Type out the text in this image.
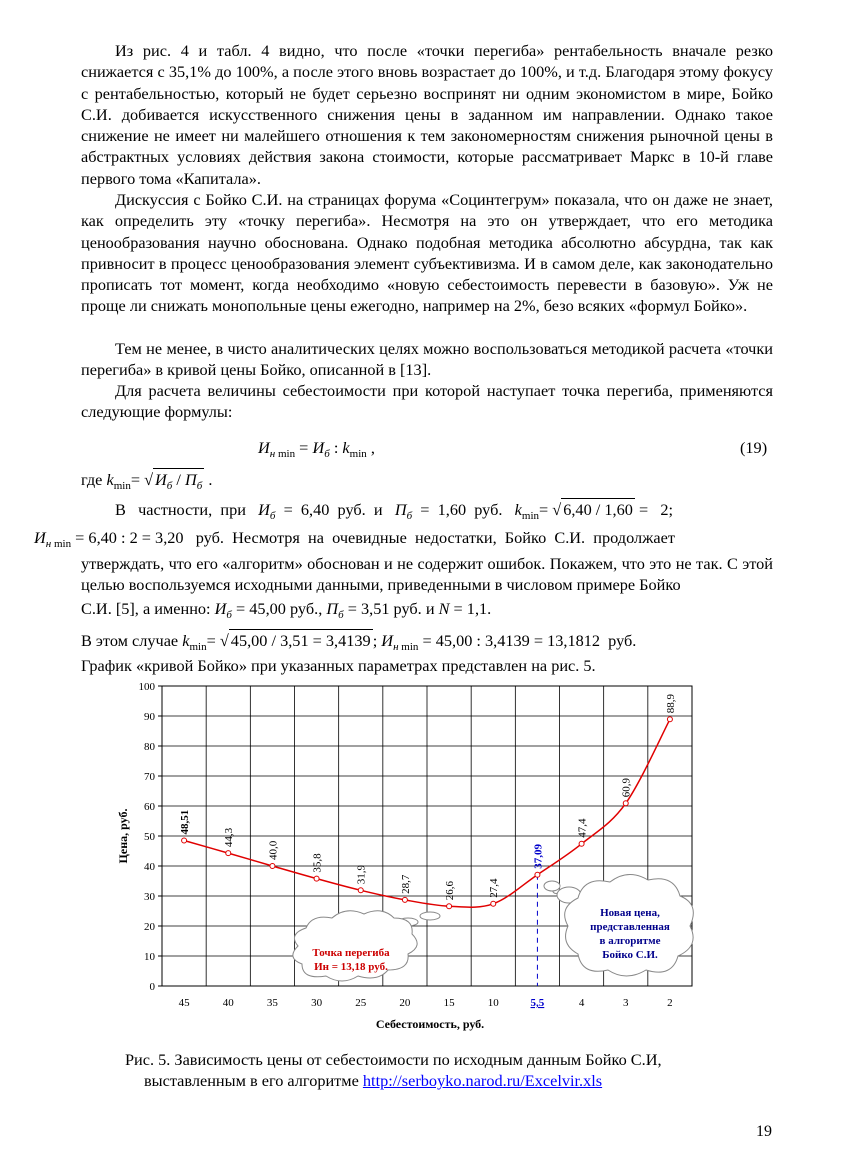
Из рис. 4 и табл. 4 видно, что после «точки перегиба» рентабельность вначале резко снижается с 35,1% до 100%, а после этого вновь возрастает до 100%, и т.д. Благодаря этому фокусу с рентабельностью, который не будет серьезно воспринят ни одним экономистом в мире, Бойко С.И. добивается искусственного снижения цены в заданном им направлении. Однако такое снижение не имеет ни малейшего отношения к тем закономерностям снижения рыночной цены в абстрактных условиях действия закона стоимости, которые рассматривает Маркс в 10-й главе первого тома «Капитала».

Дискуссия с Бойко С.И. на страницах форума «Социнтегрум» показала, что он даже не знает, как определить эту «точку перегиба». Несмотря на это он утверждает, что его методика ценообразования научно обоснована. Однако подобная методика абсолютно абсурдна, так как привносит в процесс ценообразования элемент субъективизма. И в самом деле, как законодательно прописать тот момент, когда необходимо «новую себестоимость перевести в базовую». Уж не проще ли снижать монопольные цены ежегодно, например на 2%, безо всяких «формул Бойко».

Тем не менее, в чисто аналитических целях можно воспользоваться методикой расчета «точки перегиба» в кривой цены Бойко, описанной в [13].

Для расчета величины себестоимости при которой наступает точка перегиба, применяются следующие формулы:

$И_{н min} = И_б$ : $k_{min}$ ,	(19)
где $k_{min}=$ √ $И_б / П_б$ .
В   частности,  при   $И_б = 6,40$  руб.  и   $П_б = 1,60$  руб.   $k_{min}=$ √ 6,40 / 1,60 =   2;
$И_{н min} = 6,40$ : 2 = 3,20   руб.  Несмотря  на  очевидные  недостатки,  Бойко  С.И.  продолжает

утверждать, что его «алгоритм» обоснован и не содержит ошибок. Покажем, что это не так. С этой целью воспользуемся исходными данными, приведенными в числовом примере Бойко

С.И. [5], а именно: $И_б = 45,00$ руб., $П_б = 3,51$ руб. и N = 1,1.
В этом случае $k_{min}=$ √ 45,00 / 3,51 = 3,4139 ; $И_{н min} = 45,00$ : 3,4139 = 13,1812  руб.
График «кривой Бойко» при указанных параметрах представлен на рис. 5.
0
10
20
30
40
50
60
70
80
90
100
45	40	35	30	25	20	15	10	5,5	4	3	2
48,51
44,3
40,0
35,8
31,9	28,7	26,6	27,4
37,09
47,4
60,9
88,9
Цена, руб.
Себестоимость, руб.
Точка перегиба
Ин = 13,18 руб.
Новая цена,
представленная
в алгоритме
Бойко С.И.
Рис. 5. Зависимость цены от себестоимости по исходным данным Бойко С.И,
выставленным в его алгоритме http://serboyko.narod.ru/Excelvir.xls
19
